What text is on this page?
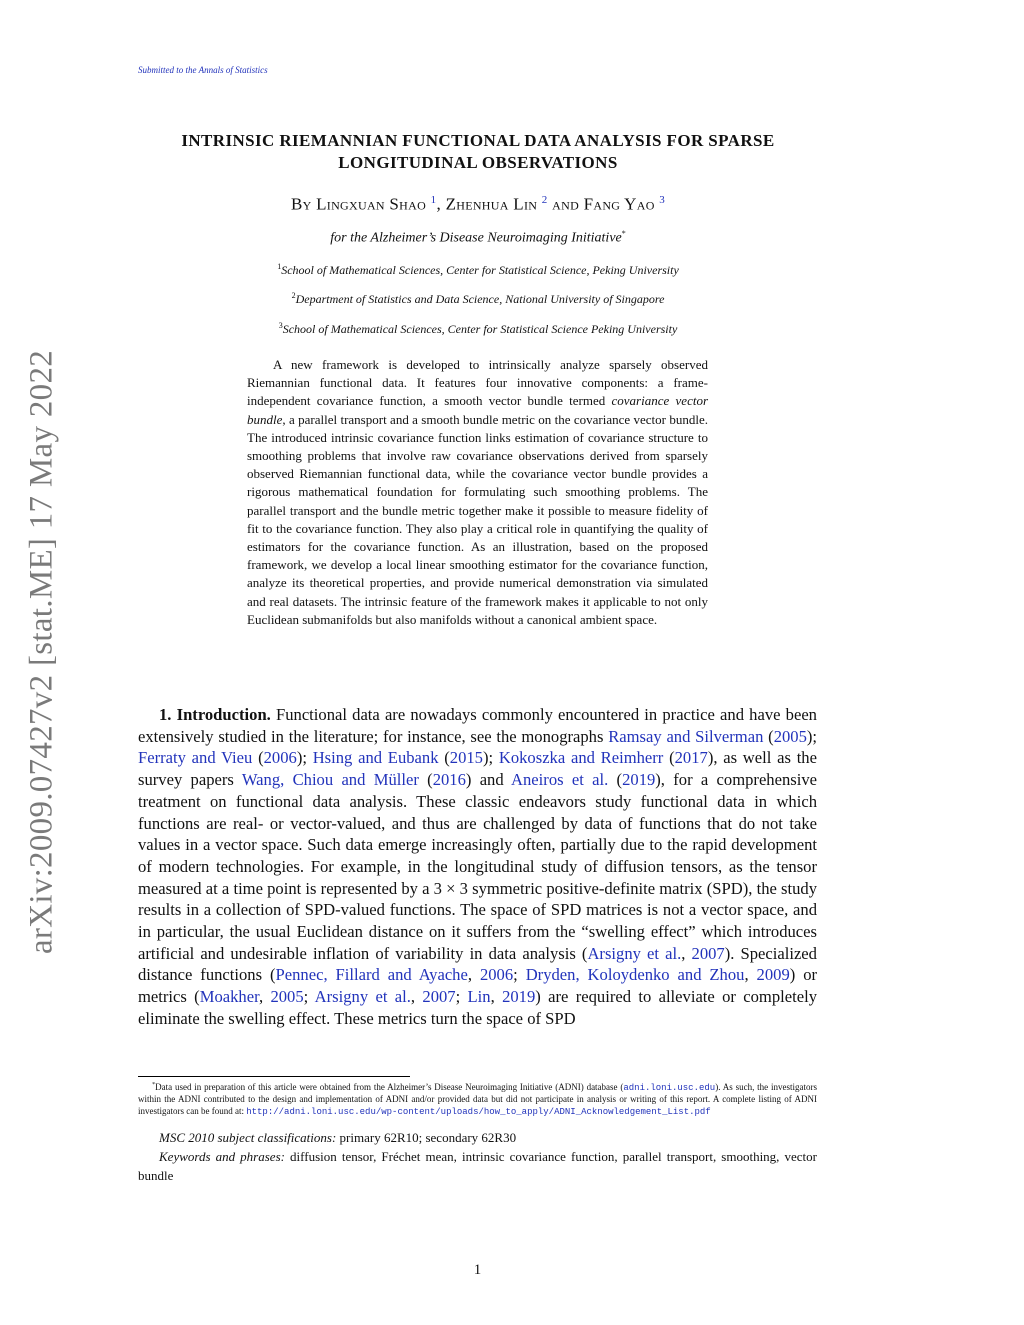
Submitted to the Annals of Statistics
arXiv:2009.07427v2 [stat.ME] 17 May 2022
INTRINSIC RIEMANNIAN FUNCTIONAL DATA ANALYSIS FOR SPARSE
LONGITUDINAL OBSERVATIONS
By Lingxuan Shao $^1$, Zhenhua Lin $^2$ and Fang Yao $^3$
for the Alzheimer’s Disease Neuroimaging Initiative*
$^1$School of Mathematical Sciences, Center for Statistical Science, Peking University
$^2$Department of Statistics and Data Science, National University of Singapore
$^3$School of Mathematical Sciences, Center for Statistical Science Peking University

A new framework is developed to intrinsically analyze sparsely observed Riemannian functional data. It features four innovative components: a frame-independent covariance function, a smooth vector bundle termed covariance vector bundle, a parallel transport and a smooth bundle metric on the covariance vector bundle. The introduced intrinsic covariance function links estimation of covariance structure to smoothing problems that involve raw covariance observations derived from sparsely observed Riemannian functional data, while the covariance vector bundle provides a rigorous mathematical foundation for formulating such smoothing problems. The parallel transport and the bundle metric together make it possible to measure fidelity of fit to the covariance function. They also play a critical role in quantifying the quality of estimators for the covariance function. As an illustration, based on the proposed framework, we develop a local linear smoothing estimator for the covariance function, analyze its theoretical properties, and provide numerical demonstration via simulated and real datasets. The intrinsic feature of the framework makes it applicable to not only Euclidean submanifolds but also manifolds without a canonical ambient space.

1. Introduction. Functional data are nowadays commonly encountered in practice and have been extensively studied in the literature; for instance, see the monographs Ramsay and Silverman (2005); Ferraty and Vieu (2006); Hsing and Eubank (2015); Kokoszka and Reimherr (2017), as well as the survey papers Wang, Chiou and Müller (2016) and Aneiros et al. (2019), for a comprehensive treatment on functional data analysis. These classic endeavors study functional data in which functions are real- or vector-valued, and thus are challenged by data of functions that do not take values in a vector space. Such data emerge increasingly often, partially due to the rapid development of modern technologies. For example, in the longitudinal study of diffusion tensors, as the tensor measured at a time point is represented by a 3 × 3 symmetric positive-definite matrix (SPD), the study results in a collection of SPD-valued functions. The space of SPD matrices is not a vector space, and in particular, the usual Euclidean distance on it suffers from the “swelling effect” which introduces artificial and undesirable inflation of variability in data analysis (Arsigny et al., 2007). Specialized distance functions (Pennec, Fillard and Ayache, 2006; Dryden, Koloydenko and Zhou, 2009) or metrics (Moakher, 2005; Arsigny et al., 2007; Lin, 2019) are required to alleviate or completely eliminate the swelling effect. These metrics turn the space of SPD

*Data used in preparation of this article were obtained from the Alzheimer’s Disease Neuroimaging Initiative (ADNI) database (adni.loni.usc.edu). As such, the investigators within the ADNI contributed to the design and implementation of ADNI and/or provided data but did not participate in analysis or writing of this report. A complete listing of ADNI investigators can be found at: http://adni.loni.usc.edu/wp-content/uploads/how_to_apply/ADNI_Acknowledgement_List.pdf
MSC 2010 subject classifications: primary 62R10; secondary 62R30
Keywords and phrases: diffusion tensor, Fréchet mean, intrinsic covariance function, parallel transport, smoothing, vector bundle
1
